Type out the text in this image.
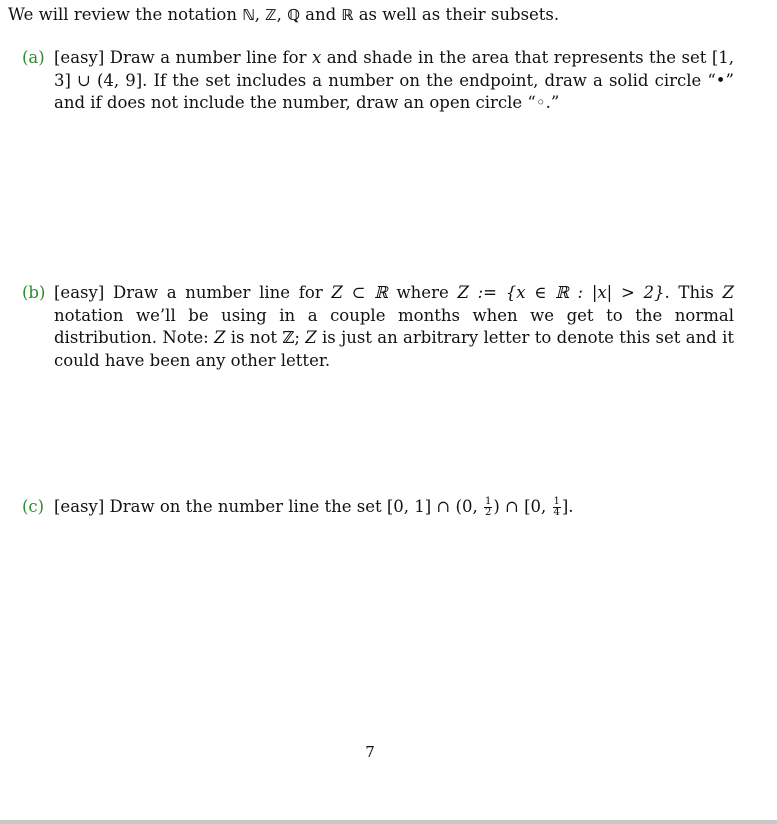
We will review the notation ℕ, ℤ, ℚ and ℝ as well as their subsets.
(a) [easy] Draw a number line for x and shade in the area that represents the set [1, 3] ∪ (4, 9]. If the set includes a number on the endpoint, draw a solid circle “•” and if does not include the number, draw an open circle “◦.”
(b) [easy] Draw a number line for Z ⊂ ℝ where Z := {x ∈ ℝ : |x| > 2}. This Z notation we’ll be using in a couple months when we get to the normal distribution. Note: Z is not ℤ; Z is just an arbitrary letter to denote this set and it could have been any other letter.
(c) [easy] Draw on the number line the set [0, 1] ∩ (0, $\frac{1}{2}$ ) ∩ [0, $\frac{1}{4}$ ].
7
